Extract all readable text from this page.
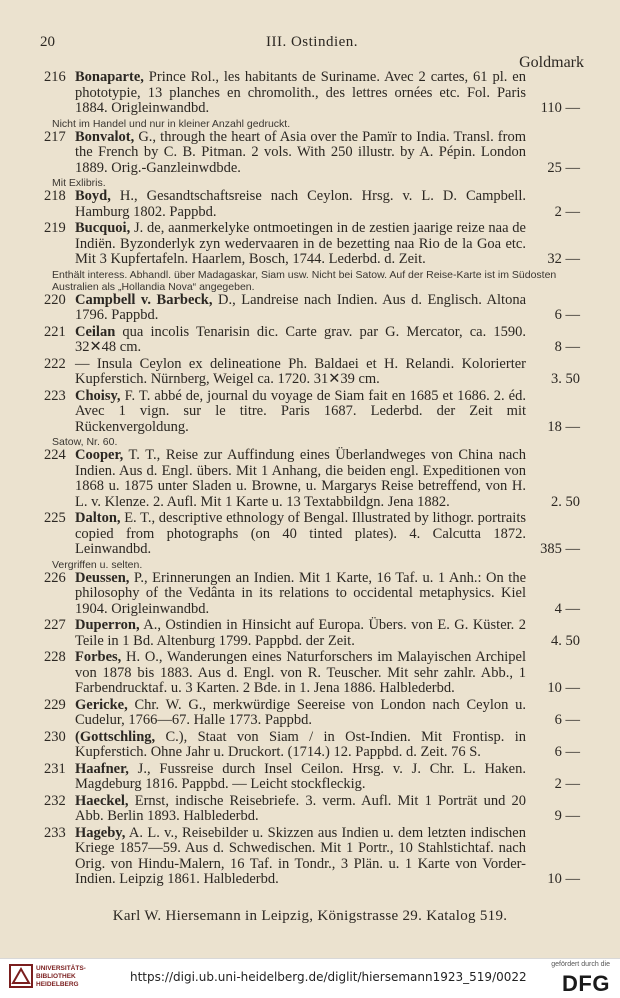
20	III. Ostindien.
Goldmark
216 Bonaparte, Prince Rol., les habitants de Suriname. Avec 2 cartes, 61 pl. en phototypie, 13 planches en chromolith., des lettres ornées etc. Fol. Paris 1884. Origleinwandbd.	110 —
Nicht im Handel und nur in kleiner Anzahl gedruckt.
217 Bonvalot, G., through the heart of Asia over the Pamïr to India. Transl. from the French by C. B. Pitman. 2 vols. With 250 illustr. by A. Pépin. London 1889. Orig.-Ganzleinwdbde.	25 —
Mit Exlibris.
218 Boyd, H., Gesandtschaftsreise nach Ceylon. Hrsg. v. L. D. Campbell. Hamburg 1802. Pappbd.	2 —
219 Bucquoi, J. de, aanmerkelyke ontmoetingen in de zestien jaarige reize naa de Indiën. Byzonderlyk zyn wedervaaren in de bezetting naa Rio de la Goa etc. Mit 3 Kupfertafeln. Haarlem, Bosch, 1744. Lederbd. d. Zeit.	32 —
Enthält interess. Abhandl. über Madagaskar, Siam usw. Nicht bei Satow. Auf der Reise-Karte ist im Südosten Australien als „Hollandia Nova“ angegeben.
220 Campbell v. Barbeck, D., Landreise nach Indien. Aus d. Englisch. Altona 1796. Pappbd.	6 —
221 Ceilan qua incolis Tenarisin dic. Carte grav. par G. Mercator, ca. 1590. 32✕48 cm.	8 —
222 — Insula Ceylon ex delineatione Ph. Baldaei et H. Relandi. Kolorierter Kupferstich. Nürnberg, Weigel ca. 1720. 31✕39 cm.	3. 50
223 Choisy, F. T. abbé de, journal du voyage de Siam fait en 1685 et 1686. 2. éd. Avec 1 vign. sur le titre. Paris 1687. Lederbd. der Zeit mit Rückenvergoldung.	18 —
Satow, Nr. 60.
224 Cooper, T. T., Reise zur Auffindung eines Überlandweges von China nach Indien. Aus d. Engl. übers. Mit 1 Anhang, die beiden engl. Expeditionen von 1868 u. 1875 unter Sladen u. Browne, u. Margarys Reise betreffend, von H. L. v. Klenze. 2. Aufl. Mit 1 Karte u. 13 Textabbildgn. Jena 1882.	2. 50
225 Dalton, E. T., descriptive ethnology of Bengal. Illustrated by lithogr. portraits copied from photographs (on 40 tinted plates). 4. Calcutta 1872. Leinwandbd.	385 —
Vergriffen u. selten.
226 Deussen, P., Erinnerungen an Indien. Mit 1 Karte, 16 Taf. u. 1 Anh.: On the philosophy of the Vedânta in its relations to occidental metaphysics. Kiel 1904. Origleinwandbd.	4 —
227 Duperron, A., Ostindien in Hinsicht auf Europa. Übers. von E. G. Küster. 2 Teile in 1 Bd. Altenburg 1799. Pappbd. der Zeit.	4. 50
228 Forbes, H. O., Wanderungen eines Naturforschers im Malayischen Archipel von 1878 bis 1883. Aus d. Engl. von R. Teuscher. Mit sehr zahlr. Abb., 1 Farbendrucktaf. u. 3 Karten. 2 Bde. in 1. Jena 1886. Halblederbd.	10 —
229 Gericke, Chr. W. G., merkwürdige Seereise von London nach Ceylon u. Cudelur, 1766—67. Halle 1773. Pappbd.	6 —
230 (Gottschling, C.), Staat von Siam / in Ost-Indien. Mit Frontisp. in Kupferstich. Ohne Jahr u. Druckort. (1714.) 12. Pappbd. d. Zeit. 76 S.	6 —
231 Haafner, J., Fussreise durch Insel Ceilon. Hrsg. v. J. Chr. L. Haken. Magdeburg 1816. Pappbd. — Leicht stockfleckig.	2 —
232 Haeckel, Ernst, indische Reisebriefe. 3. verm. Aufl. Mit 1 Porträt und 20 Abb. Berlin 1893. Halblederbd.	9 —
233 Hageby, A. L. v., Reisebilder u. Skizzen aus Indien u. dem letzten indischen Kriege 1857—59. Aus d. Schwedischen. Mit 1 Portr., 10 Stahlstichtaf. nach Orig. von Hindu-Malern, 16 Taf. in Tondr., 3 Plän. u. 1 Karte von Vorder-Indien. Leipzig 1861. Halblederbd.	10 —
Karl W. Hiersemann in Leipzig, Königstrasse 29. Katalog 519.
UNIVERSITÄTS-
BIBLIOTHEK
HEIDELBERG
https://digi.ub.uni-heidelberg.de/diglit/hiersemann1923_519/0022
gefördert durch die
DFG
